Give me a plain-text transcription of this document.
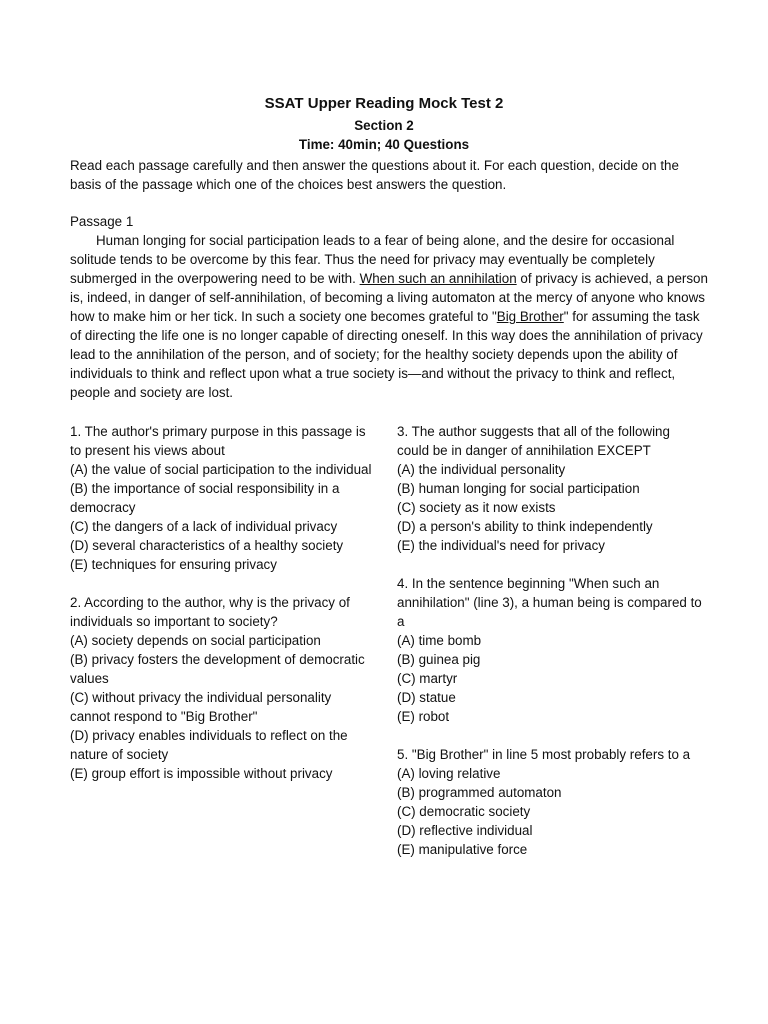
SSAT Upper Reading Mock Test 2
Section 2
Time: 40min; 40 Questions

Read each passage carefully and then answer the questions about it. For each question, decide on the basis of the passage which one of the choices best answers the question.

Passage 1

Human longing for social participation leads to a fear of being alone, and the desire for occasional solitude tends to be overcome by this fear. Thus the need for privacy may eventually be completely submerged in the overpowering need to be with. When such an annihilation of privacy is achieved, a person is, indeed, in danger of self-annihilation, of becoming a living automaton at the mercy of anyone who knows how to make him or her tick. In such a society one becomes grateful to "Big Brother" for assuming the task of directing the life one is no longer capable of directing oneself. In this way does the annihilation of privacy lead to the annihilation of the person, and of society; for the healthy society depends upon the ability of individuals to think and reflect upon what a true society is—and without the privacy to think and reflect, people and society are lost.

1. The author's primary purpose in this passage is to present his views about

(A) the value of social participation to the individual

(B) the importance of social responsibility in a democracy

(C) the dangers of a lack of individual privacy

(D) several characteristics of a healthy society

(E) techniques for ensuring privacy

2. According to the author, why is the privacy of individuals so important to society?

(A) society depends on social participation

(B) privacy fosters the development of democratic values

(C) without privacy the individual personality cannot respond to "Big Brother"

(D) privacy enables individuals to reflect on the nature of society

(E) group effort is impossible without privacy

3. The author suggests that all of the following could be in danger of annihilation EXCEPT

(A) the individual personality

(B) human longing for social participation

(C) society as it now exists

(D) a person's ability to think independently

(E) the individual's need for privacy

4. In the sentence beginning "When such an annihilation" (line 3), a human being is compared to a

(A) time bomb

(B) guinea pig

(C) martyr

(D) statue

(E) robot

5. "Big Brother" in line 5 most probably refers to a

(A) loving relative

(B) programmed automaton

(C) democratic society

(D) reflective individual

(E) manipulative force
